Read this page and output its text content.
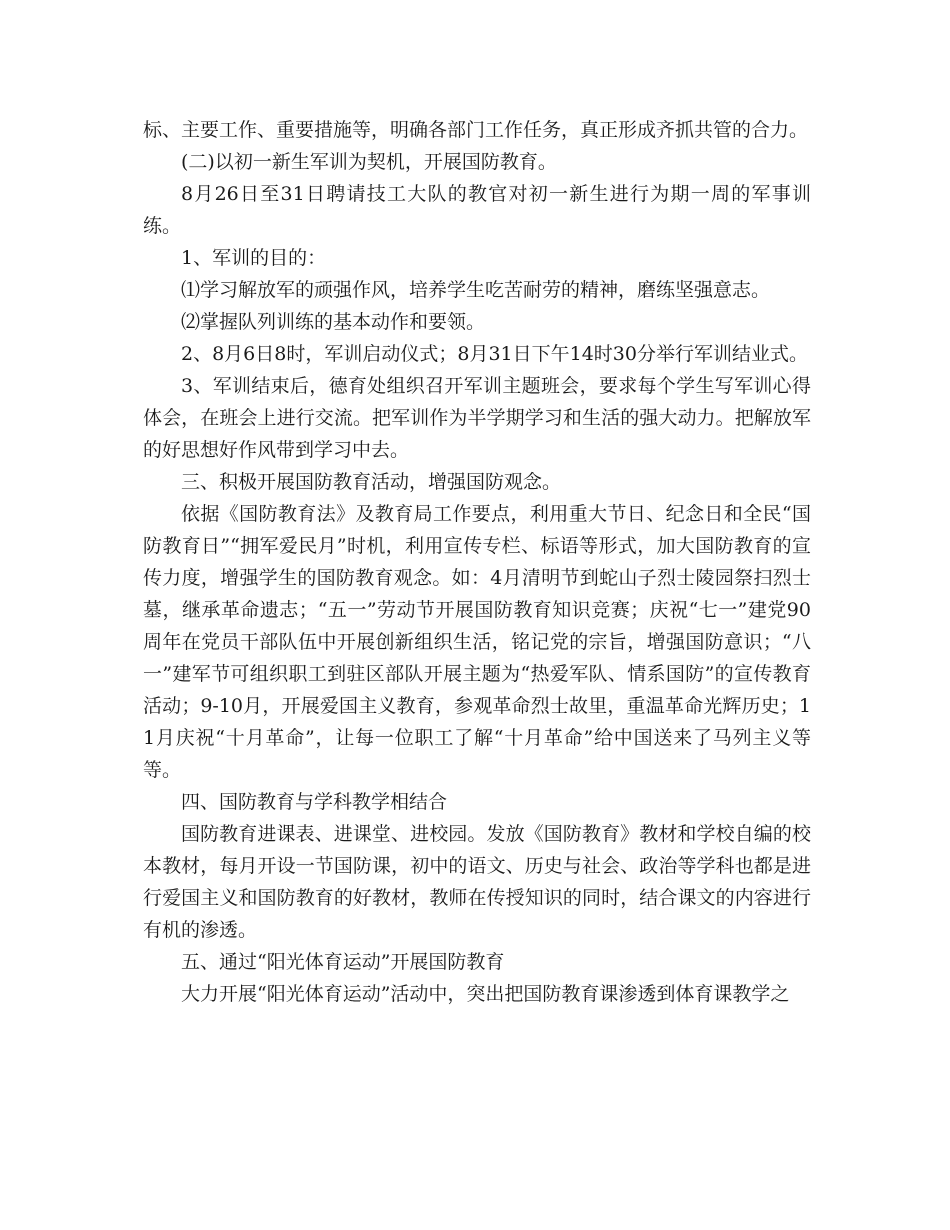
标、主要工作、重要措施等，明确各部门工作任务，真正形成齐抓共管的合力。

(二)以初一新生军训为契机，开展国防教育。

8月26日至31日聘请技工大队的教官对初一新生进行为期一周的军事训练。

1、军训的目的：

⑴学习解放军的顽强作风，培养学生吃苦耐劳的精神，磨练坚强意志。

⑵掌握队列训练的基本动作和要领。

2、8月6日8时，军训启动仪式；8月31日下午14时30分举行军训结业式。

3、军训结束后，德育处组织召开军训主题班会，要求每个学生写军训心得体会，在班会上进行交流。把军训作为半学期学习和生活的强大动力。把解放军的好思想好作风带到学习中去。

三、积极开展国防教育活动，增强国防观念。

依据《国防教育法》及教育局工作要点，利用重大节日、纪念日和全民“国防教育日”“拥军爱民月”时机，利用宣传专栏、标语等形式，加大国防教育的宣传力度，增强学生的国防教育观念。如：4月清明节到蛇山子烈士陵园祭扫烈士墓，继承革命遗志；“五一”劳动节开展国防教育知识竞赛；庆祝“七一”建党90周年在党员干部队伍中开展创新组织生活，铭记党的宗旨，增强国防意识；“八一”建军节可组织职工到驻区部队开展主题为“热爱军队、情系国防”的宣传教育活动；9-10月，开展爱国主义教育，参观革命烈士故里，重温革命光辉历史；11月庆祝“十月革命”，让每一位职工了解“十月革命”给中国送来了马列主义等等。

四、国防教育与学科教学相结合

国防教育进课表、进课堂、进校园。发放《国防教育》教材和学校自编的校本教材，每月开设一节国防课，初中的语文、历史与社会、政治等学科也都是进行爱国主义和国防教育的好教材，教师在传授知识的同时，结合课文的内容进行有机的渗透。

五、通过“阳光体育运动”开展国防教育

大力开展“阳光体育运动”活动中，突出把国防教育课渗透到体育课教学之
